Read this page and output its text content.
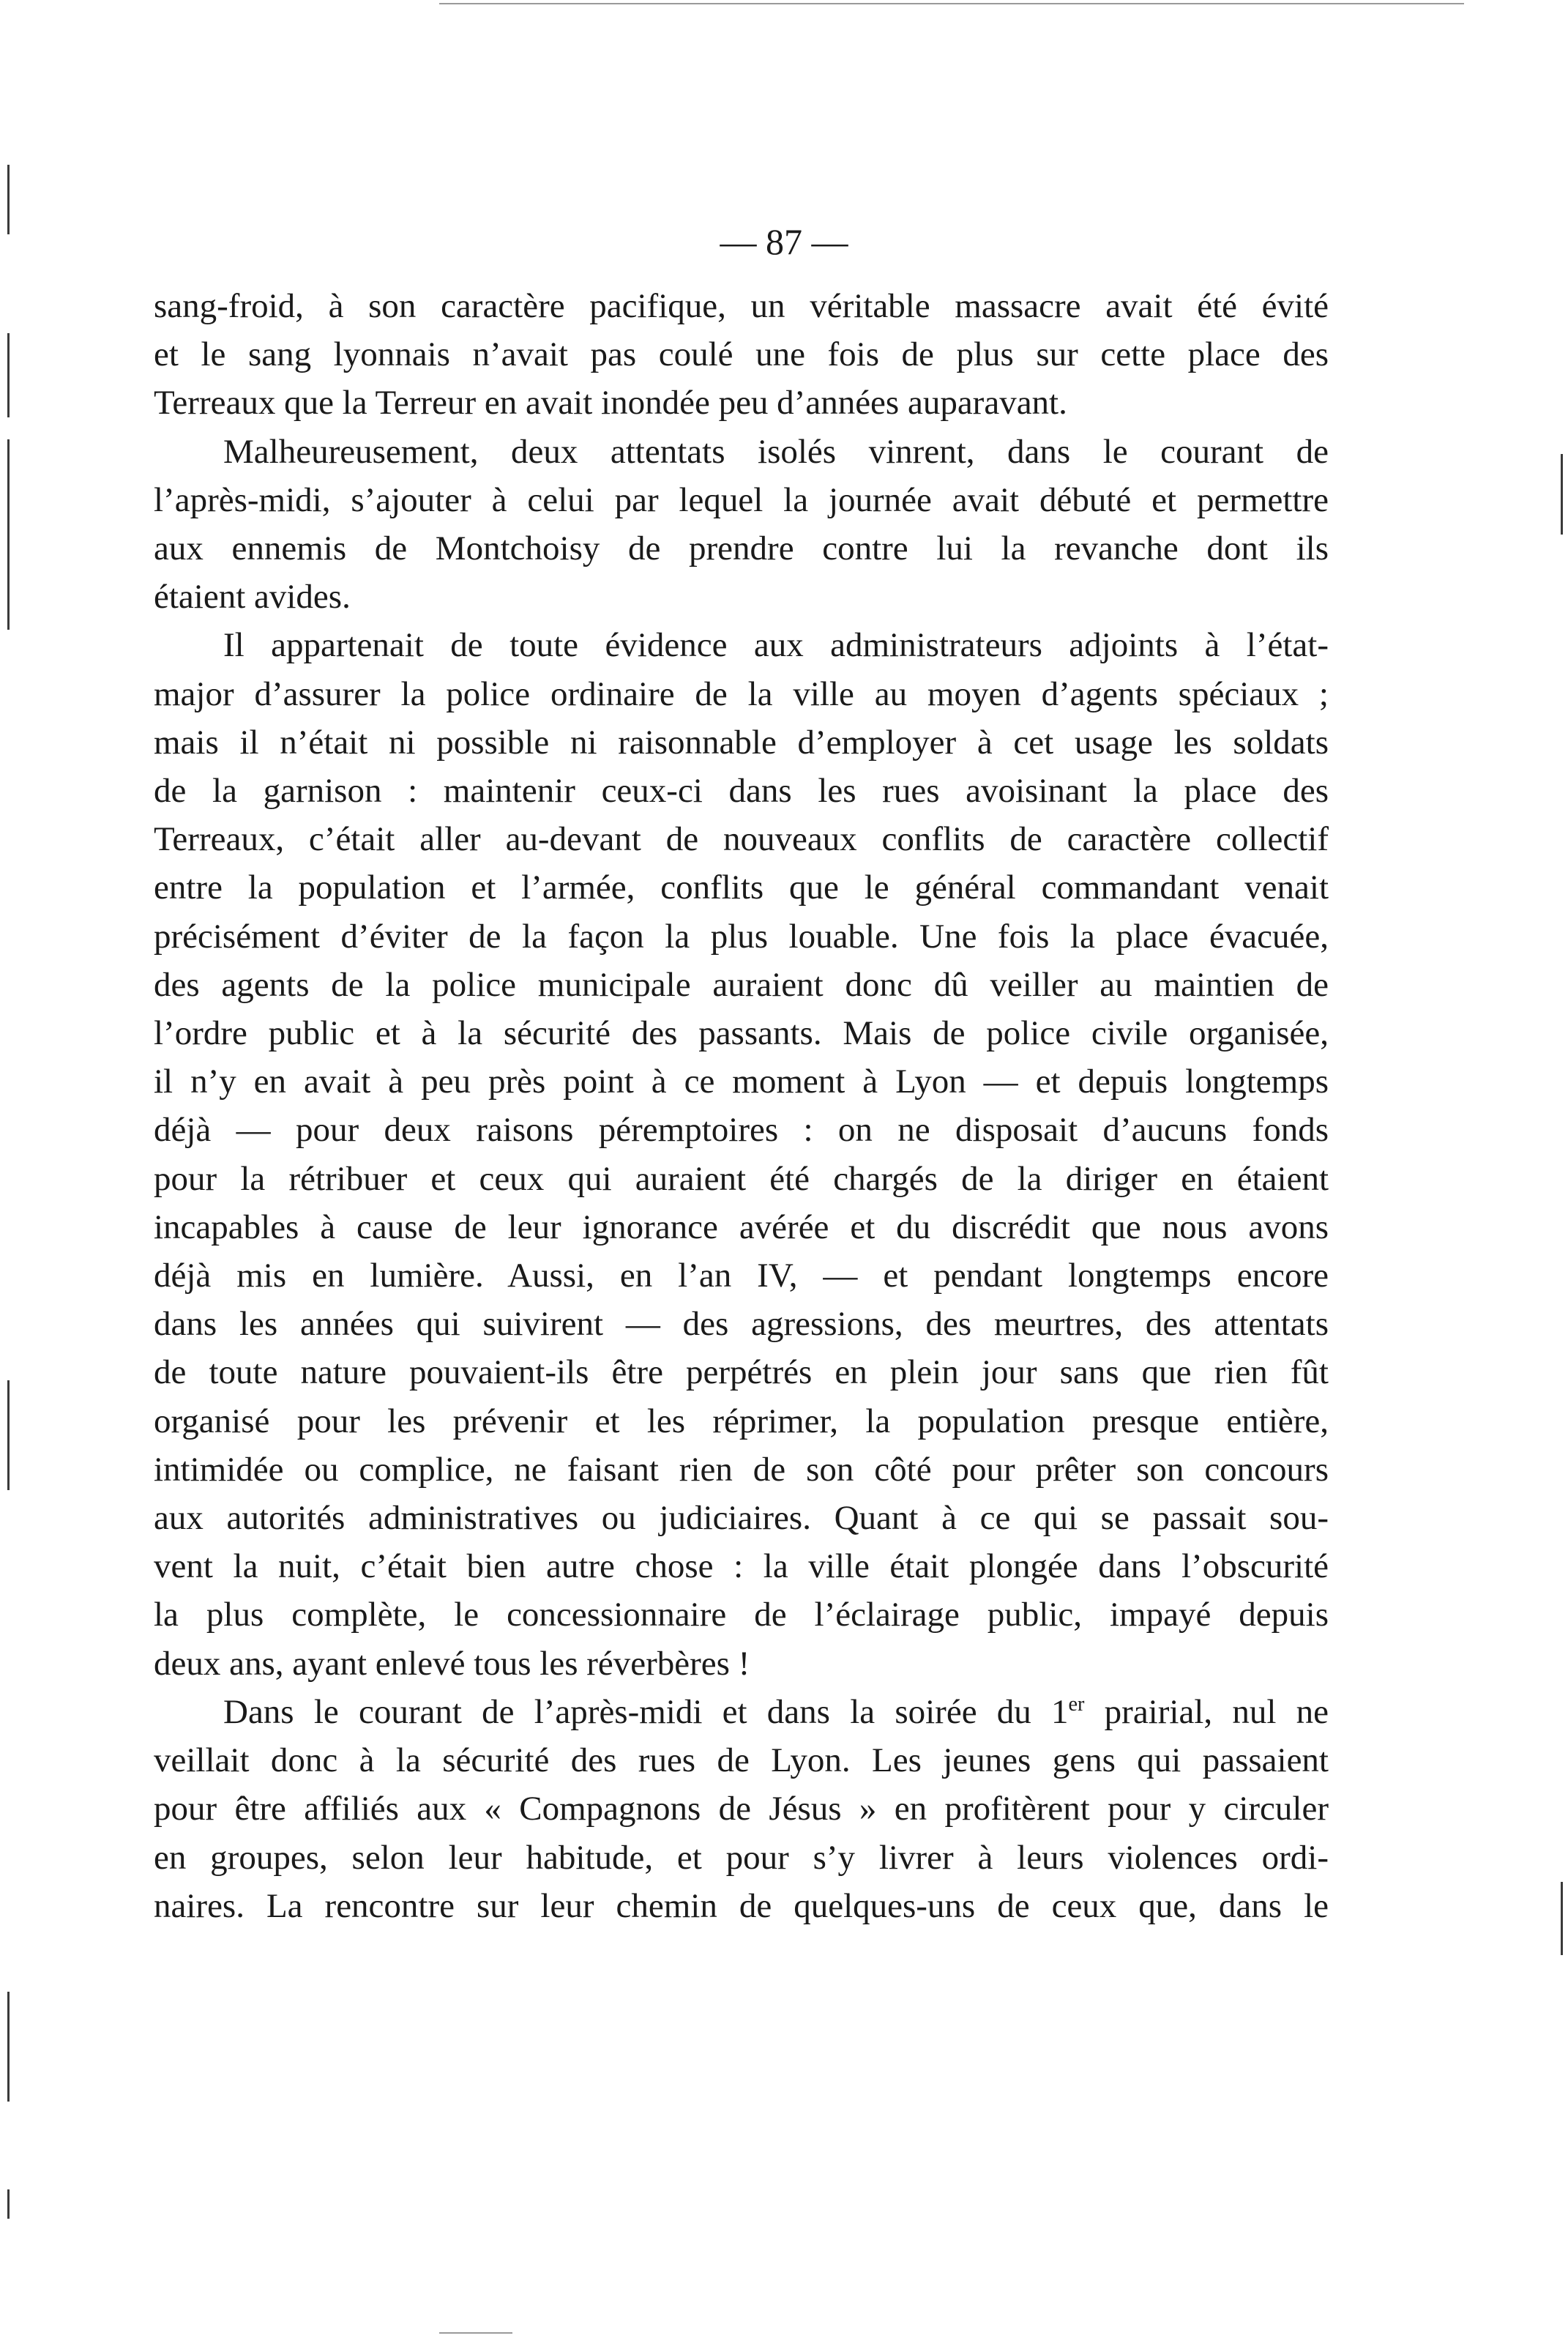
— 87 —
sang-froid, à son caractère pacifique, un véritable massacre avait été évité
et le sang lyonnais n’avait pas coulé une fois de plus sur cette place des
Terreaux que la Terreur en avait inondée peu d’années auparavant.
Malheureusement, deux attentats isolés vinrent, dans le courant de
l’après-midi, s’ajouter à celui par lequel la journée avait débuté et permettre
aux ennemis de Montchoisy de prendre contre lui la revanche dont ils
étaient avides.
Il appartenait de toute évidence aux administrateurs adjoints à l’état-
major d’assurer la police ordinaire de la ville au moyen d’agents spéciaux ;
mais il n’était ni possible ni raisonnable d’employer à cet usage les soldats
de la garnison : maintenir ceux-ci dans les rues avoisinant la place des
Terreaux, c’était aller au-devant de nouveaux conflits de caractère collectif
entre la population et l’armée, conflits que le général commandant venait
précisément d’éviter de la façon la plus louable. Une fois la place évacuée,
des agents de la police municipale auraient donc dû veiller au maintien de
l’ordre public et à la sécurité des passants. Mais de police civile organisée,
il n’y en avait à peu près point à ce moment à Lyon — et depuis longtemps
déjà — pour deux raisons péremptoires : on ne disposait d’aucuns fonds
pour la rétribuer et ceux qui auraient été chargés de la diriger en étaient
incapables à cause de leur ignorance avérée et du discrédit que nous avons
déjà mis en lumière. Aussi, en l’an IV, — et pendant longtemps encore
dans les années qui suivirent — des agressions, des meurtres, des attentats
de toute nature pouvaient-ils être perpétrés en plein jour sans que rien fût
organisé pour les prévenir et les réprimer, la population presque entière,
intimidée ou complice, ne faisant rien de son côté pour prêter son concours
aux autorités administratives ou judiciaires. Quant à ce qui se passait sou-
vent la nuit, c’était bien autre chose : la ville était plongée dans l’obscurité
la plus complète, le concessionnaire de l’éclairage public, impayé depuis
deux ans, ayant enlevé tous les réverbères !
Dans le courant de l’après-midi et dans la soirée du 1er prairial, nul ne
veillait donc à la sécurité des rues de Lyon. Les jeunes gens qui passaient
pour être affiliés aux « Compagnons de Jésus » en profitèrent pour y circuler
en groupes, selon leur habitude, et pour s’y livrer à leurs violences ordi-
naires. La rencontre sur leur chemin de quelques-uns de ceux que, dans le
